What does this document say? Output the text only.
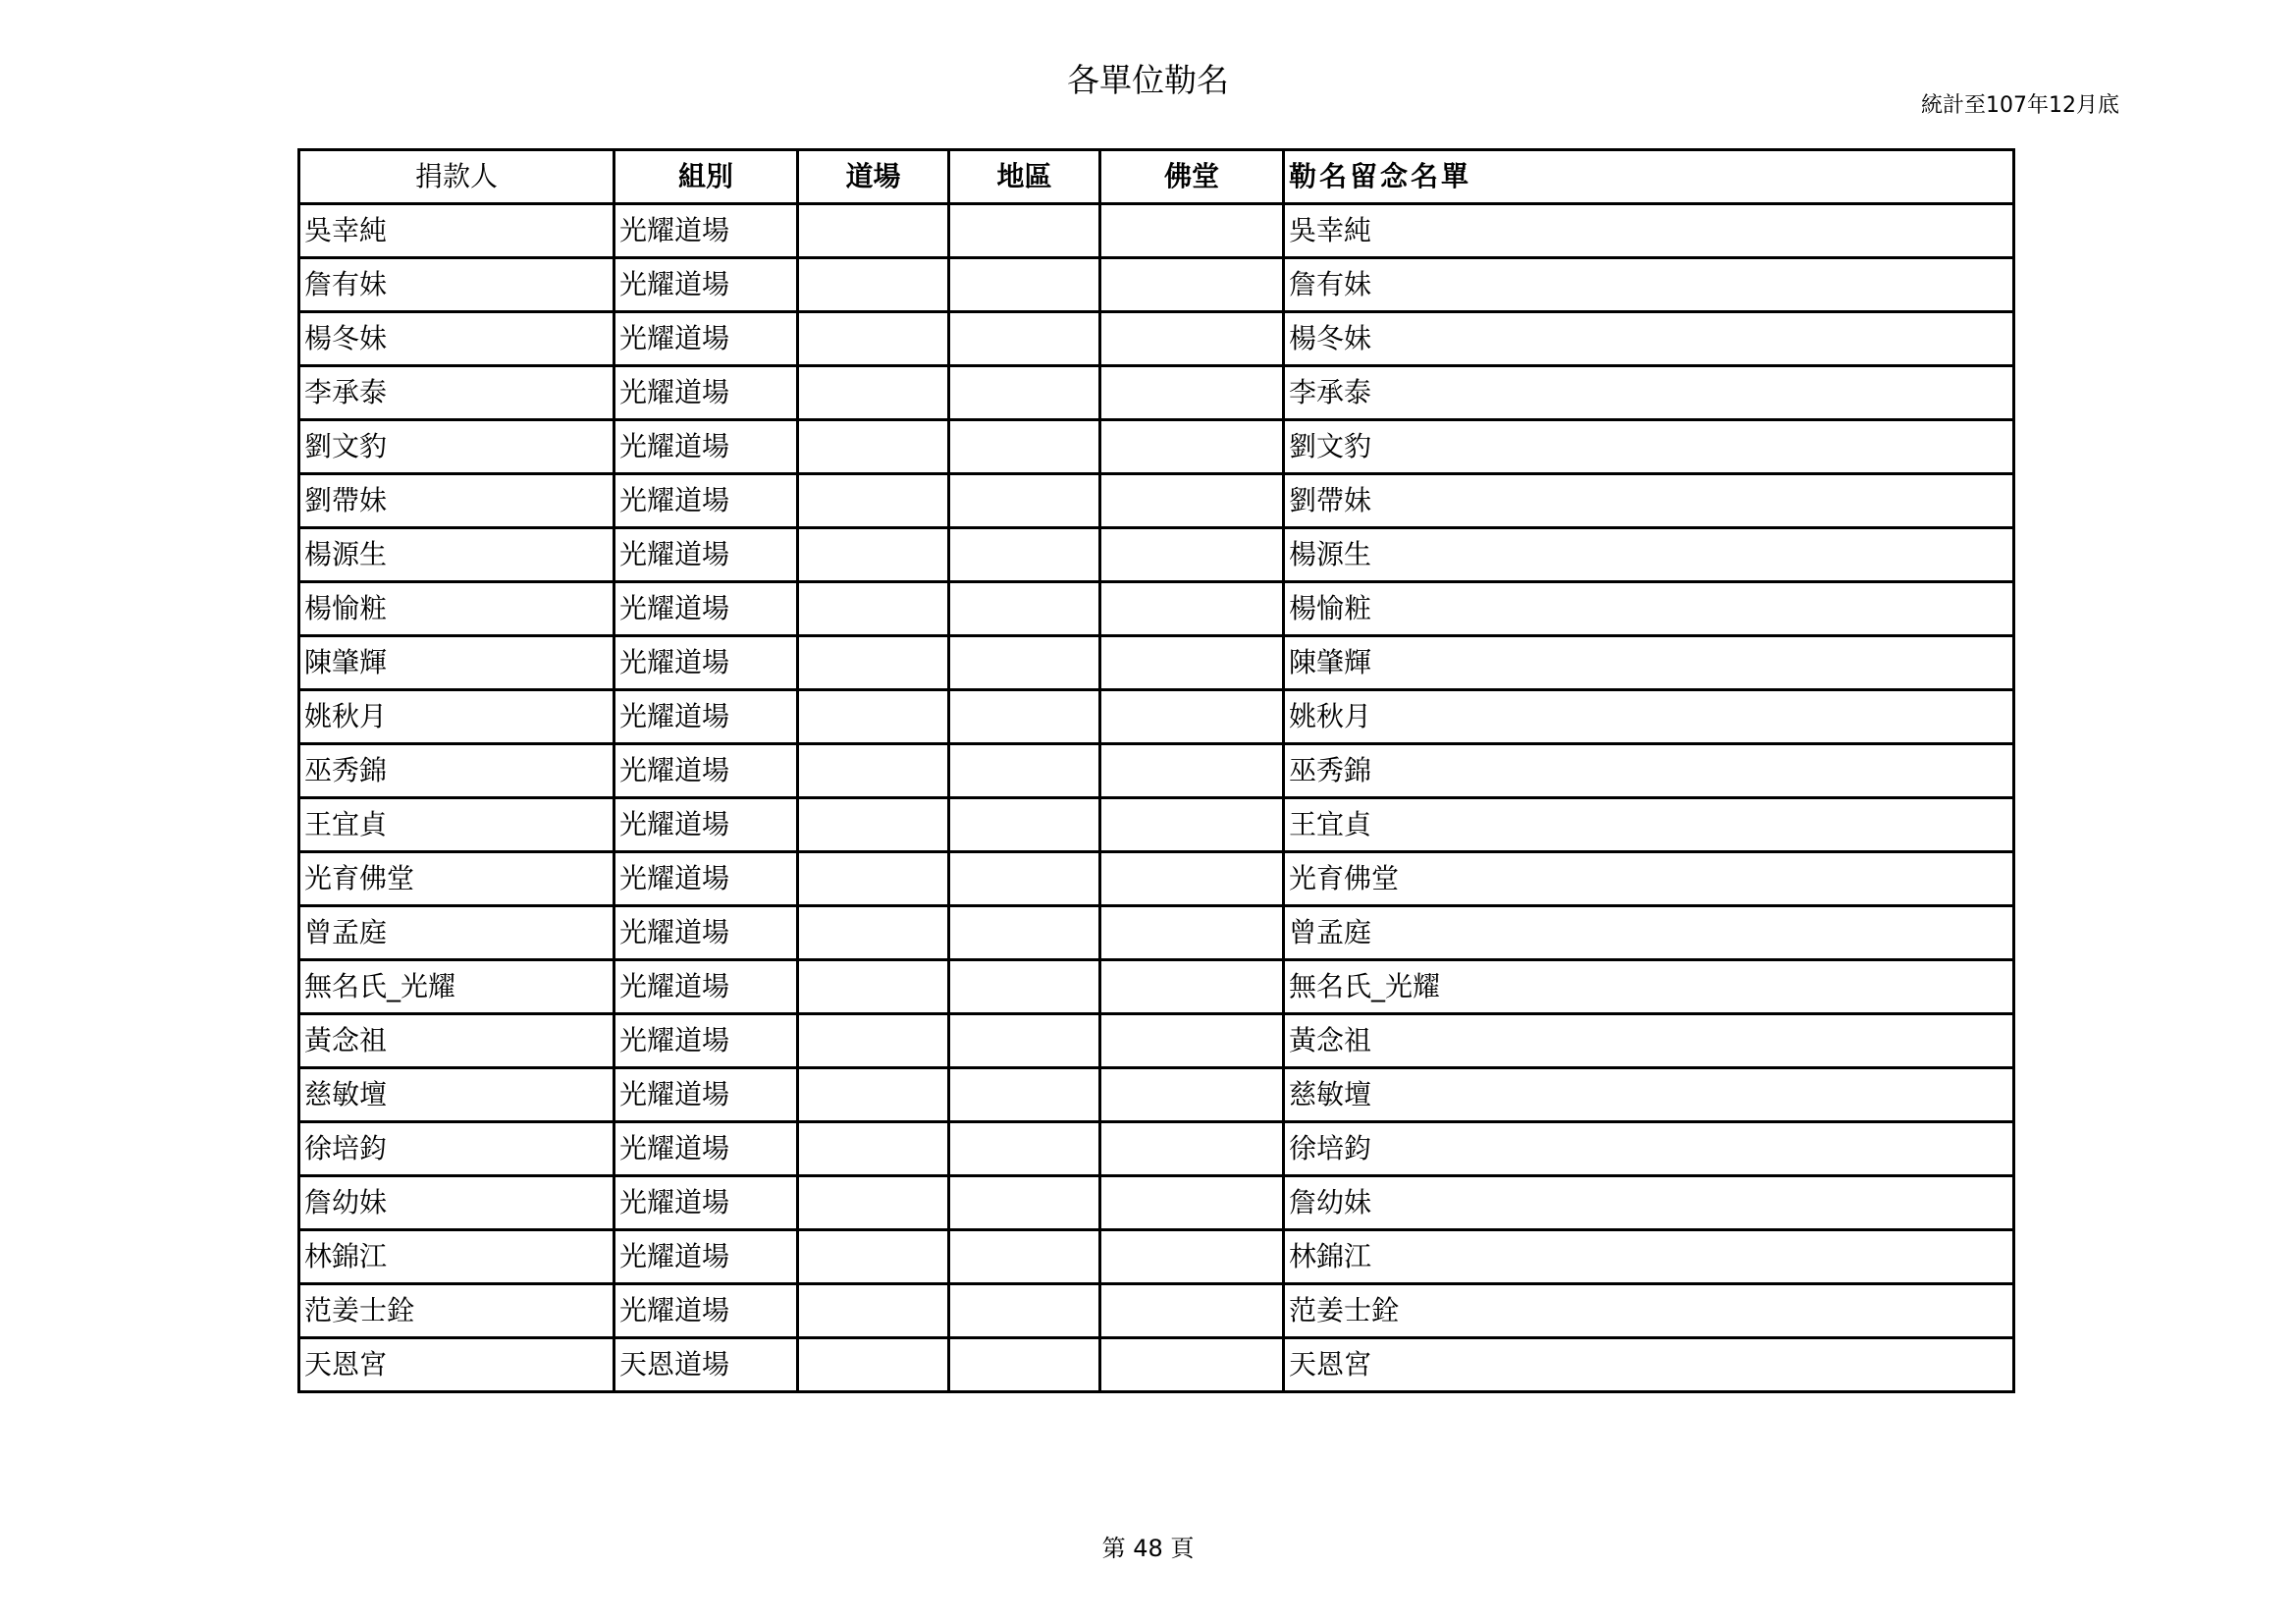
各單位勒名
統計至107年12月底
捐款人	組別	道場	地區	佛堂	勒名留念名單
吳幸純	光耀道場				吳幸純
詹有妹	光耀道場				詹有妹
楊冬妹	光耀道場				楊冬妹
李承泰	光耀道場				李承泰
劉文豹	光耀道場				劉文豹
劉帶妹	光耀道場				劉帶妹
楊源生	光耀道場				楊源生
楊愉粧	光耀道場				楊愉粧
陳肇輝	光耀道場				陳肇輝
姚秋月	光耀道場				姚秋月
巫秀錦	光耀道場				巫秀錦
王宜貞	光耀道場				王宜貞
光育佛堂	光耀道場				光育佛堂
曾孟庭	光耀道場				曾孟庭
無名氏_光耀	光耀道場				無名氏_光耀
黃念祖	光耀道場				黃念祖
慈敏壇	光耀道場				慈敏壇
徐培鈞	光耀道場				徐培鈞
詹幼妹	光耀道場				詹幼妹
林錦江	光耀道場				林錦江
范姜士銓	光耀道場				范姜士銓
天恩宮	天恩道場				天恩宮
第 48 頁
